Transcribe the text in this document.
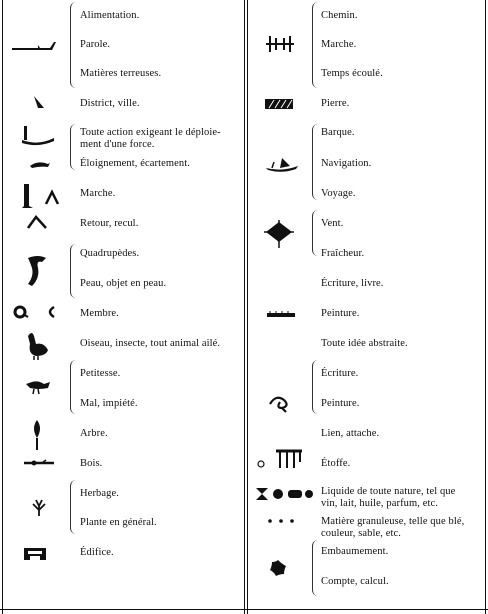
Alimentation.
Parole.
Matières terreuses.
District, ville.
Toute action exigeant le déploie-
ment d'une force.
Éloignement, écartement.
Marche.
Retour, recul.
Quadrupèdes.
Peau, objet en peau.
Membre.
Oiseau, insecte, tout animal ailé.
Petitesse.
Mal, impiété.
Arbre.
Bois.
Herbage.
Plante en général.
Édifice.
Chemin.
Marche.
Temps écoulé.
Pierre.
Barque.
Navigation.
Voyage.
Vent.
Fraîcheur.
Écriture, livre.
Peinture.
Toute idée abstraite.
Écriture.
Peinture.
Lien, attache.
Étoffe.
Liquide de toute nature, tel que
vin, lait, huile, parfum, etc.
Matière granuleuse, telle que blé,
couleur, sable, etc.
Embaumement.
Compte, calcul.
